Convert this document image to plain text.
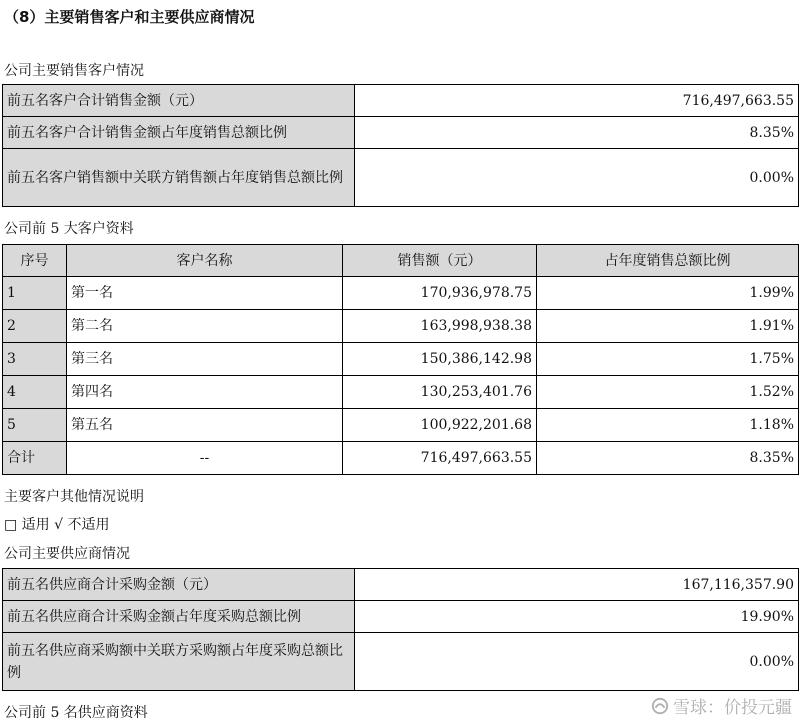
（8）主要销售客户和主要供应商情况
公司主要销售客户情况
前五名客户合计销售金额（元）	716,497,663.55
前五名客户合计销售金额占年度销售总额比例	8.35%
前五名客户销售额中关联方销售额占年度销售总额比例	0.00%
公司前 5 大客户资料
序号	客户名称	销售额（元）	占年度销售总额比例
1	第一名	170,936,978.75	1.99%
2	第二名	163,998,938.38	1.91%
3	第三名	150,386,142.98	1.75%
4	第四名	130,253,401.76	1.52%
5	第五名	100,922,201.68	1.18%
合计	--	716,497,663.55	8.35%
主要客户其他情况说明
□ 适用 √ 不适用
公司主要供应商情况
前五名供应商合计采购金额（元）	167,116,357.90
前五名供应商合计采购金额占年度采购总额比例	19.90%
前五名供应商采购额中关联方采购额占年度采购总额比例	0.00%
公司前 5 名供应商资料	雪球：价投元疆
